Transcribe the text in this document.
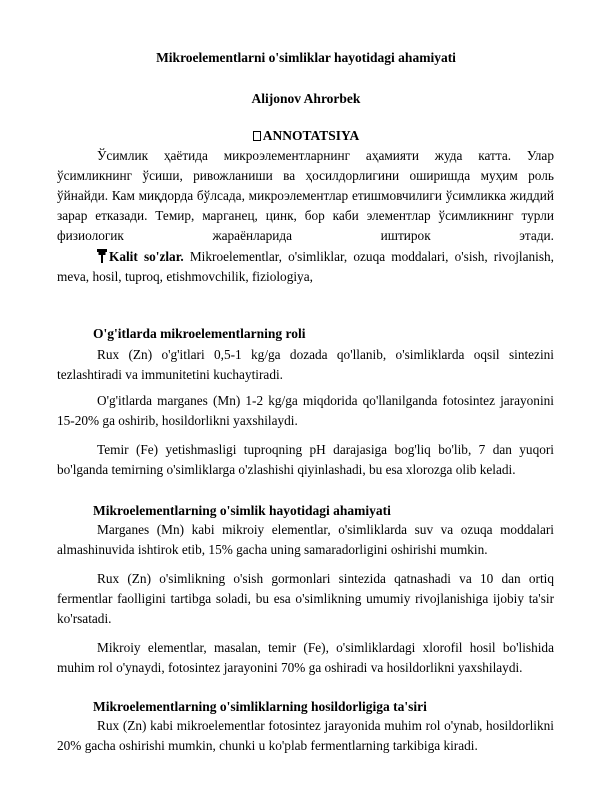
Mikroelementlarni o'simliklar hayotidagi ahamiyati
Alijonov Ahrorbek
ANNOTATSIYA

Ўсимлик ҳаётида микроэлементларнинг аҳамияти жуда катта. Улар ўсимликнинг ўсиши, ривожланиши ва ҳосилдорлигини оширишда муҳим роль ўйнайди. Кам миқдорда бўлсада, микроэлементлар етишмовчилиги ўсимликка жиддий зарар етказади. Темир, марганец, цинк, бор каби элементлар ўсимликнинг турли физиологик жараёнларида иштирок этади.

Kalit so'zlar. Mikroelementlar, o'simliklar, ozuqa moddalari, o'sish, rivojlanish, meva, hosil, tuproq, etishmovchilik, fiziologiya,

O'g'itlarda mikroelementlarning roli

Rux (Zn) o'g'itlari 0,5-1 kg/ga dozada qo'llanib, o'simliklarda oqsil sintezini tezlashtiradi va immunitetini kuchaytiradi.

O'g'itlarda marganes (Mn) 1-2 kg/ga miqdorida qo'llanilganda fotosintez jarayonini 15-20% ga oshirib, hosildorlikni yaxshilaydi.

Temir (Fe) yetishmasligi tuproqning pH darajasiga bog'liq bo'lib, 7 dan yuqori bo'lganda temirning o'simliklarga o'zlashishi qiyinlashadi, bu esa xlorozga olib keladi.

Mikroelementlarning o'simlik hayotidagi ahamiyati

Marganes (Mn) kabi mikroiy elementlar, o'simliklarda suv va ozuqa moddalari almashinuvida ishtirok etib, 15% gacha uning samaradorligini oshirishi mumkin.

Rux (Zn) o'simlikning o'sish gormonlari sintezida qatnashadi va 10 dan ortiq fermentlar faolligini tartibga soladi, bu esa o'simlikning umumiy rivojlanishiga ijobiy ta'sir ko'rsatadi.

Mikroiy elementlar, masalan, temir (Fe), o'simliklardagi xlorofil hosil bo'lishida muhim rol o'ynaydi, fotosintez jarayonini 70% ga oshiradi va hosildorlikni yaxshilaydi.

Mikroelementlarning o'simliklarning hosildorligiga ta'siri

Rux (Zn) kabi mikroelementlar fotosintez jarayonida muhim rol o'ynab, hosildorlikni 20% gacha oshirishi mumkin, chunki u ko'plab fermentlarning tarkibiga kiradi.
